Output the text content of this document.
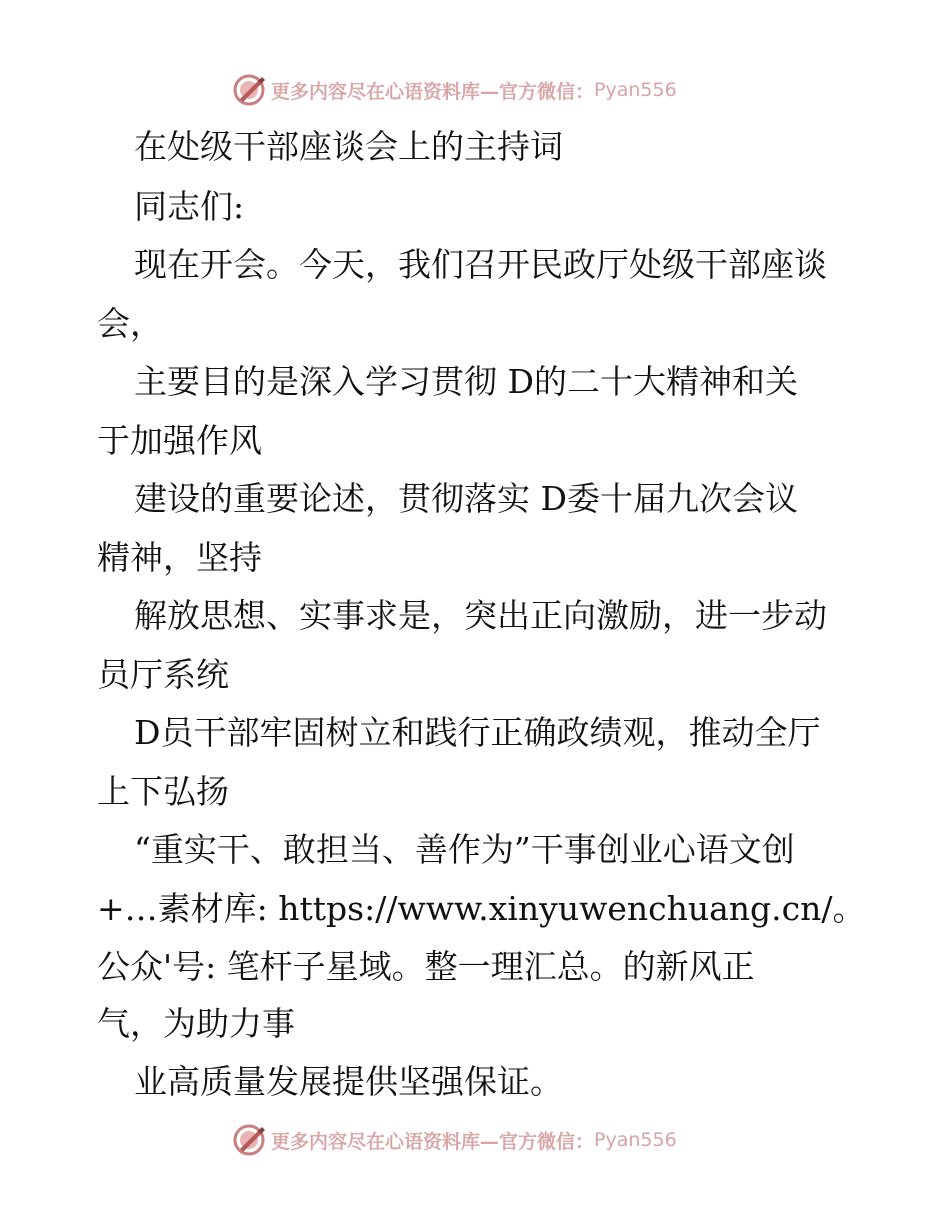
更多内容尽在心语资料库—官方微信： Pyan556
在处级干部座谈会上的主持词
同志们:
现在开会。今天，我们召开民政厅处级干部座谈
会，
主要目的是深入学习贯彻 D的二十大精神和关
于加强作风
建设的重要论述，贯彻落实 D委十届九次会议
精神，坚持
解放思想、实事求是，突出正向激励，进一步动
员厅系统
D员干部牢固树立和践行正确政绩观，推动全厅
上下弘扬
“重实干、敢担当、善作为”干事创业心语文创
+…素材库: https://www.xinyuwenchuang.cn/。
公众'号: 笔杆子星域。整一理汇总。的新风正
气，为助力事
业高质量发展提供坚强保证。
更多内容尽在心语资料库—官方微信： Pyan556
